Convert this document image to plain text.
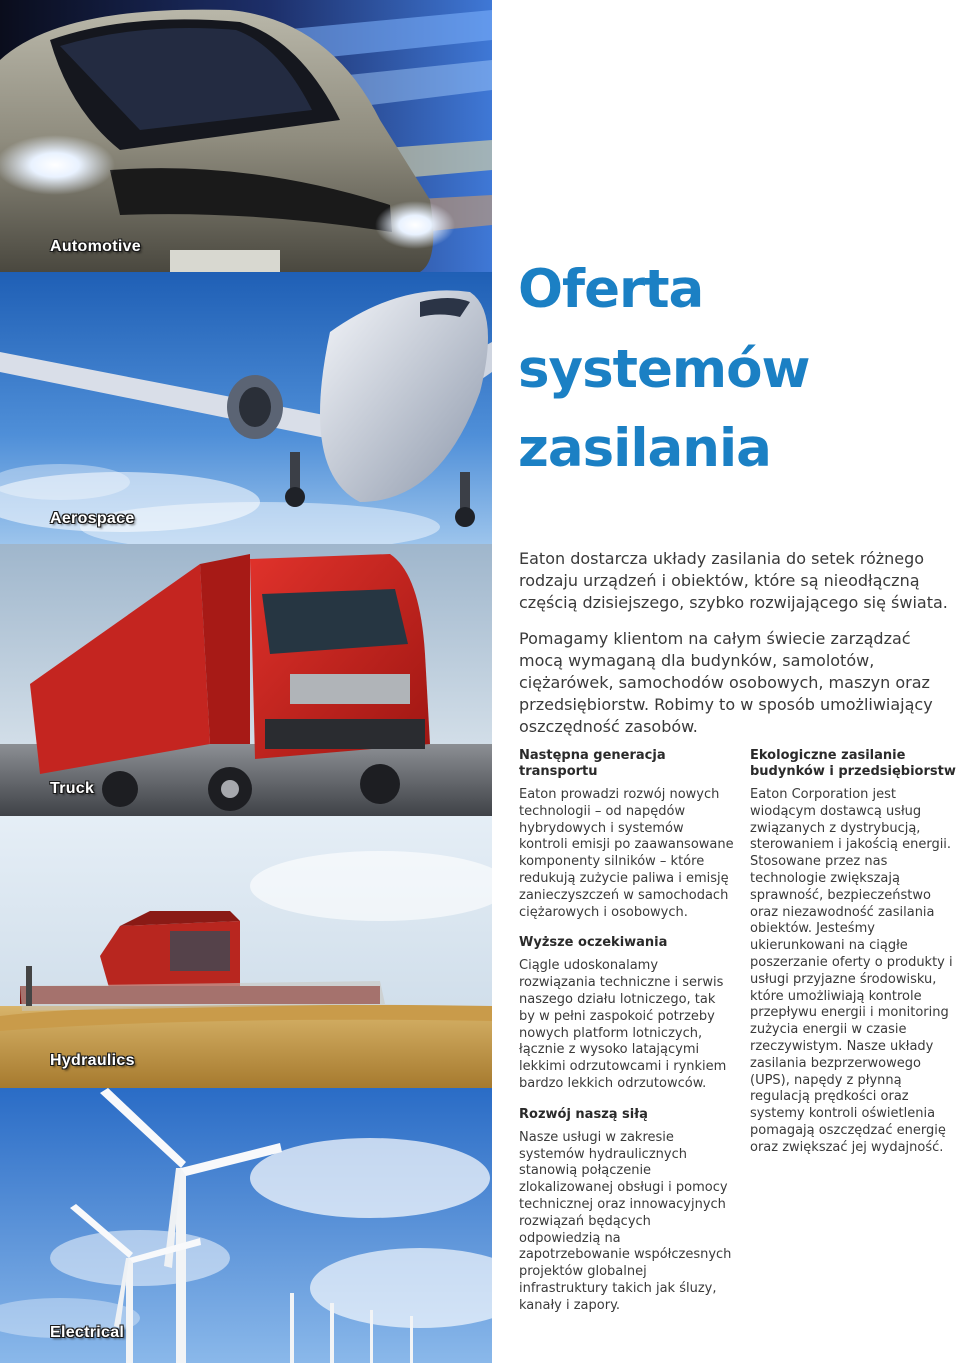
Automotive
Aerospace
Truck
Hydraulics
Electrical
Oferta
systemów
zasilania

Eaton dostarcza układy zasilania do setek różnego rodzaju urządzeń i obiektów, które są nieodłączną częścią dzisiejszego, szybko rozwijającego się świata.

Pomagamy klientom na całym świecie zarządzać mocą wymaganą dla budynków, samolotów, ciężarówek, samochodów osobowych, maszyn oraz przedsiębiorstw. Robimy to w sposób umożliwiający oszczędność zasobów.

Następna generacja transportu

Eaton prowadzi rozwój nowych technologii – od napędów hybrydowych i systemów kontroli emisji po zaawansowane komponenty silników – które redukują zużycie paliwa i emisję zanieczyszczeń w samochodach ciężarowych i osobowych.

Wyższe oczekiwania

Ciągle udoskonalamy rozwiązania techniczne i serwis naszego działu lotniczego, tak by w pełni zaspokoić potrzeby nowych platform lotniczych, łącznie z wysoko latającymi lekkimi odrzutowcami i rynkiem bardzo lekkich odrzutowców.

Rozwój naszą siłą

Nasze usługi w zakresie systemów hydraulicznych stanowią połączenie zlokalizowanej obsługi i pomocy technicznej oraz innowacyjnych rozwiązań będących odpowiedzią na zapotrzebowanie współczesnych projektów globalnej infrastruktury takich jak śluzy, kanały i zapory.

Ekologiczne zasilanie budynków i przedsiębiorstw

Eaton Corporation jest wiodącym dostawcą usług związanych z dystrybucją, sterowaniem i jakością energii. Stosowane przez nas technologie zwiększają sprawność, bezpieczeństwo oraz niezawodność zasilania obiektów. Jesteśmy ukierunkowani na ciągłe poszerzanie oferty o produkty i usługi przyjazne środowisku, które umożliwiają kontrole przepływu energii i monitoring zużycia energii w czasie rzeczywistym. Nasze układy zasilania bezprzerwowego (UPS), napędy z płynną regulacją prędkości oraz systemy kontroli oświetlenia pomagają oszczędzać energię oraz zwiększać jej wydajność.
